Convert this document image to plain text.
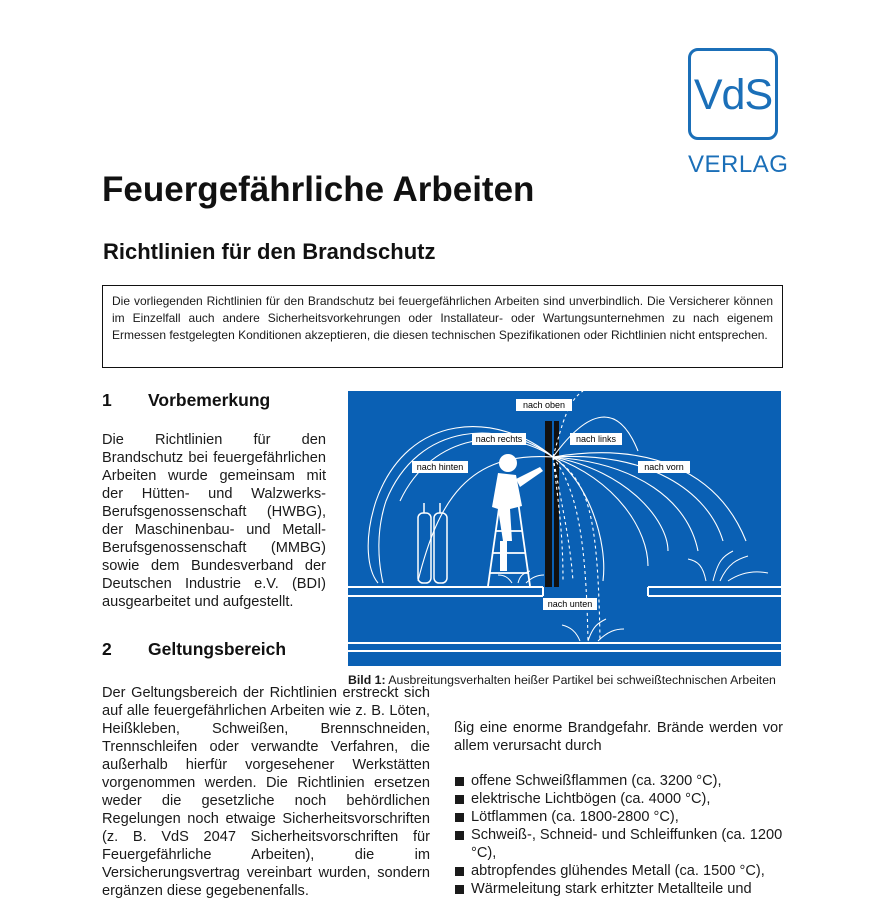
VdS
VERLAG
Feuergefährliche Arbeiten
Richtlinien für den Brandschutz
Die vorliegenden Richtlinien für den Brandschutz bei feuergefährlichen Arbeiten sind unverbindlich. Die Versicherer können im Einzelfall auch andere Sicherheitsvorkehrungen oder Installateur- oder Wartungsunternehmen zu nach eigenem Ermessen festgelegten Konditionen akzeptieren, die diesen technischen Spezifikationen oder Richtlinien nicht entsprechen.
1 Vorbemerkung
Die Richtlinien für den Brandschutz bei feuergefährlichen Arbeiten wurde gemeinsam mit der Hütten- und Walzwerks-Berufsgenossenschaft (HWBG), der Maschinenbau- und Metall-Berufsgenossenschaft (MMBG) sowie dem Bundesverband der Deutschen Industrie e.V. (BDI) ausgearbeitet und aufgestellt.
2 Geltungsbereich
Der Geltungsbereich der Richtlinien erstreckt sich auf alle feuergefährlichen Arbeiten wie z. B. Löten, Heißkleben, Schweißen, Brennschneiden, Trennschleifen oder verwandte Verfahren, die außerhalb hierfür vorgesehener Werkstätten vorgenommen werden. Die Richtlinien ersetzen weder die gesetzliche noch behördlichen Regelungen noch etwaige Sicherheitsvorschriften (z. B. VdS 2047 Sicherheitsvorschriften für Feuergefährliche Arbeiten), die im Versicherungsvertrag vereinbart wurden, sondern ergänzen diese gegebenenfalls.
nach oben
nach rechts	nach links
nach hinten	nach vorn
nach unten
Bild 1: Ausbreitungsverhalten heißer Partikel bei schweißtechnischen Arbeiten
ßig eine enorme Brandgefahr. Brände werden vor allem verursacht durch
offene Schweißflammen (ca. 3200 °C),
elektrische Lichtbögen (ca. 4000 °C),
Lötflammen (ca. 1800-2800 °C),
Schweiß-, Schneid- und Schleiffunken (ca. 1200 °C),
abtropfendes glühendes Metall (ca. 1500 °C),
Wärmeleitung stark erhitzter Metallteile und
